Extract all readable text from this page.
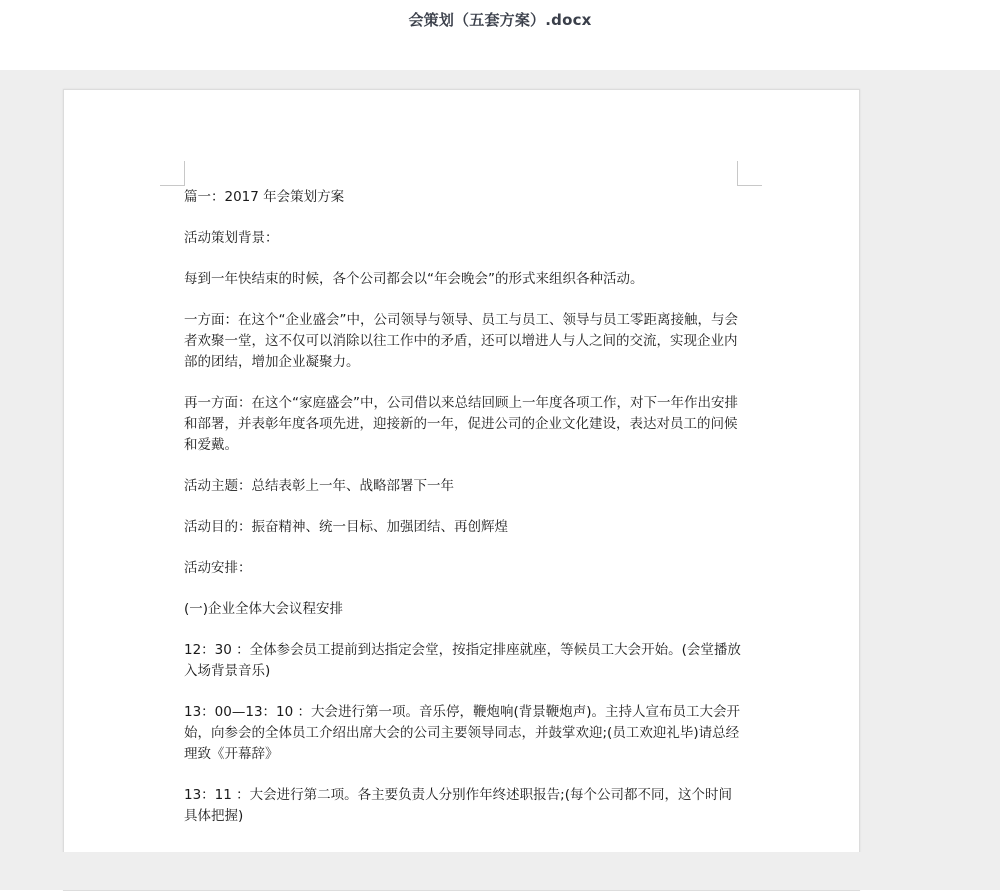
会策划（五套方案）.docx

篇一：2017 年会策划方案

活动策划背景：

每到一年快结束的时候，各个公司都会以“年会晚会”的形式来组织各种活动。

一方面：在这个“企业盛会”中，公司领导与领导、员工与员工、领导与员工零距离接触，与会者欢聚一堂，这不仅可以消除以往工作中的矛盾，还可以增进人与人之间的交流，实现企业内部的团结，增加企业凝聚力。

再一方面：在这个“家庭盛会”中，公司借以来总结回顾上一年度各项工作，对下一年作出安排和部署，并表彰年度各项先进，迎接新的一年，促进公司的企业文化建设，表达对员工的问候和爱戴。

活动主题：总结表彰上一年、战略部署下一年

活动目的：振奋精神、统一目标、加强团结、再创辉煌

活动安排：

(一)企业全体大会议程安排

12：30 ：全体参会员工提前到达指定会堂，按指定排座就座，等候员工大会开始。(会堂播放入场背景音乐)

13：00—13：10 ：大会进行第一项。音乐停，鞭炮响(背景鞭炮声)。主持人宣布员工大会开始，向参会的全体员工介绍出席大会的公司主要领导同志，并鼓掌欢迎;(员工欢迎礼毕)请总经理致《开幕辞》

13：11 ：大会进行第二项。各主要负责人分别作年终述职报告;(每个公司都不同，这个时间具体把握)
